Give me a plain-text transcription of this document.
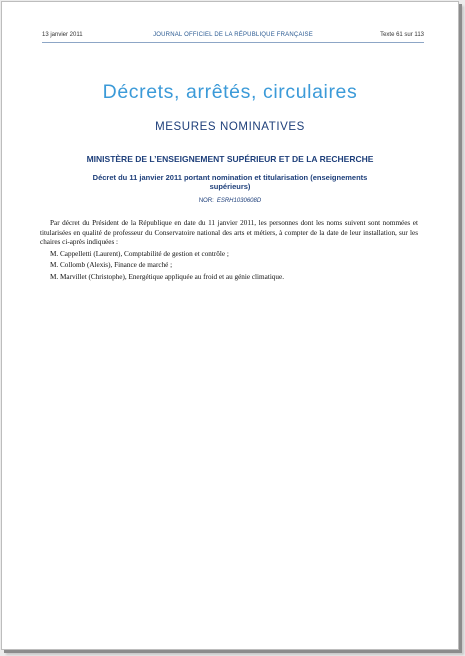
13 janvier 2011	JOURNAL OFFICIEL DE LA RÉPUBLIQUE FRANÇAISE	Texte 61 sur 113
Décrets, arrêtés, circulaires
MESURES NOMINATIVES
MINISTÈRE DE L’ENSEIGNEMENT SUPÉRIEUR ET DE LA RECHERCHE
Décret du 11 janvier 2011 portant nomination et titularisation (enseignements supérieurs)
NOR: ESRH1030608D

Par décret du Président de la République en date du 11 janvier 2011, les personnes dont les noms suivent sont nommées et titularisées en qualité de professeur du Conservatoire national des arts et métiers, à compter de la date de leur installation, sur les chaires ci-après indiquées :

M. Cappelletti (Laurent), Comptabilité de gestion et contrôle ;
M. Collomb (Alexis), Finance de marché ;
M. Marvillet (Christophe), Energétique appliquée au froid et au génie climatique.
